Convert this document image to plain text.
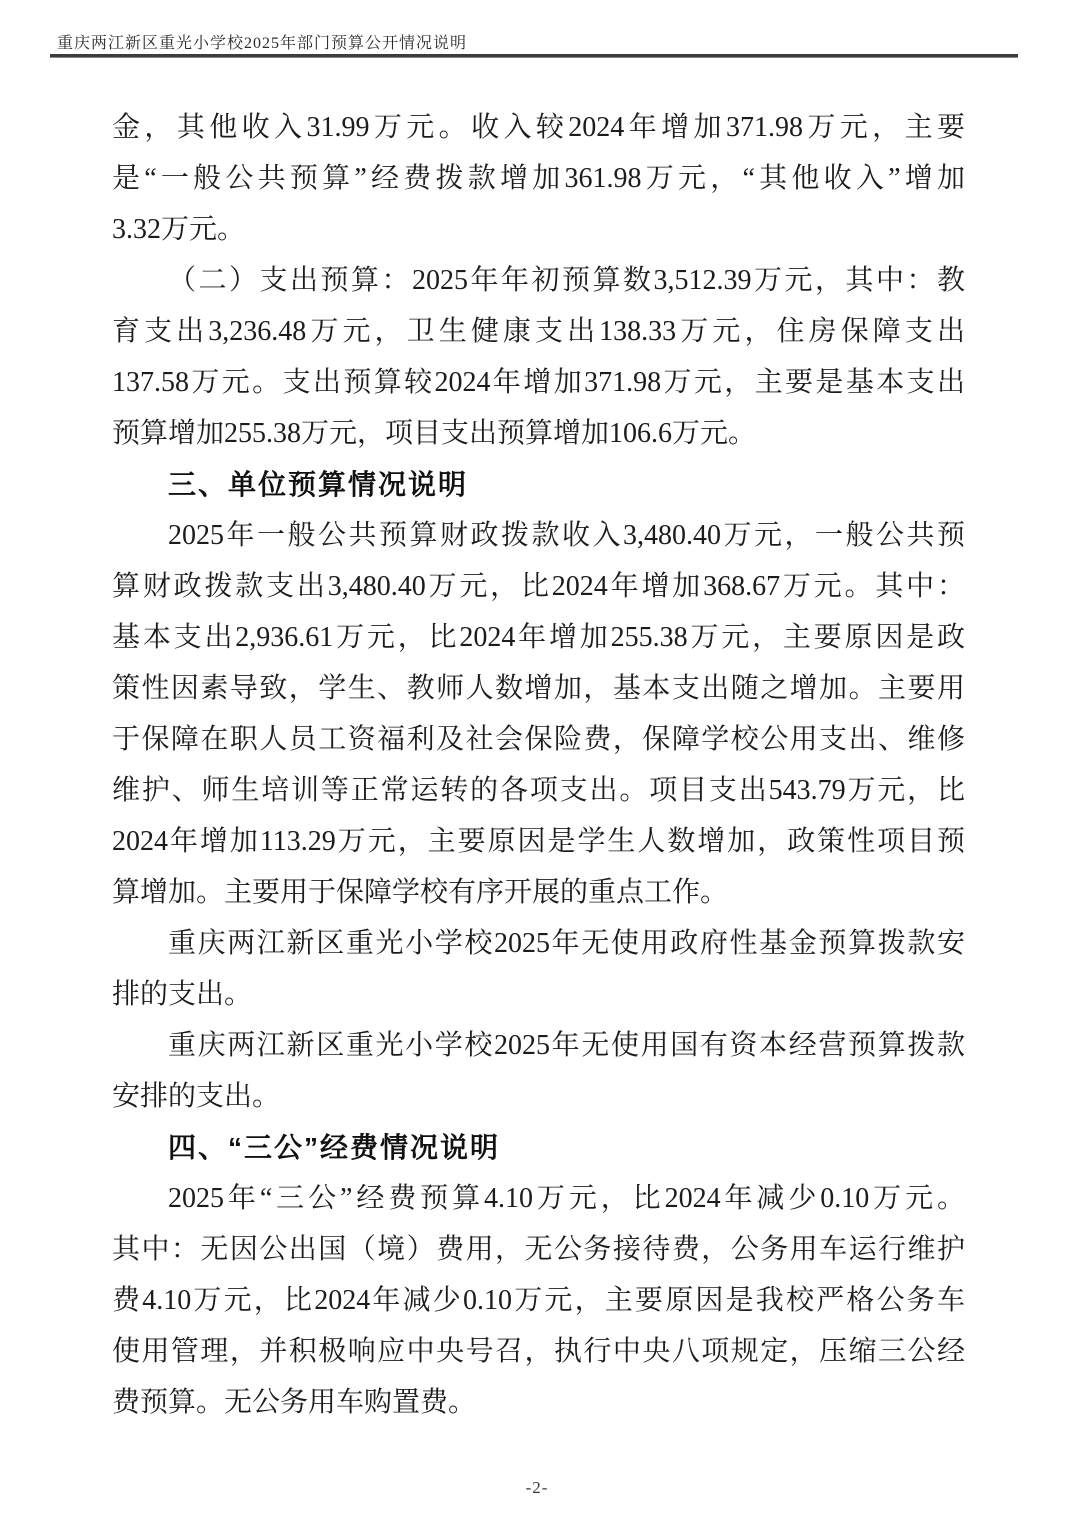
重庆两江新区重光小学校2025年部门预算公开情况说明
金，其他收入31.99万元。收入较2024年增加371.98万元，主要
是“一般公共预算”经费拨款增加361.98万元，“其他收入”增加
3.32万元。
（二）支出预算：2025年年初预算数3,512.39万元，其中：教
育支出3,236.48万元，卫生健康支出138.33万元，住房保障支出
137.58万元。支出预算较2024年增加371.98万元，主要是基本支出
预算增加255.38万元，项目支出预算增加106.6万元。
三、单位预算情况说明
2025年一般公共预算财政拨款收入3,480.40万元，一般公共预
算财政拨款支出3,480.40万元，比2024年增加368.67万元。其中：
基本支出2,936.61万元，比2024年增加255.38万元，主要原因是政
策性因素导致，学生、教师人数增加，基本支出随之增加。主要用
于保障在职人员工资福利及社会保险费，保障学校公用支出、维修
维护、师生培训等正常运转的各项支出。项目支出543.79万元，比
2024年增加113.29万元，主要原因是学生人数增加，政策性项目预
算增加。主要用于保障学校有序开展的重点工作。
重庆两江新区重光小学校2025年无使用政府性基金预算拨款安
排的支出。
重庆两江新区重光小学校2025年无使用国有资本经营预算拨款
安排的支出。
四、“三公”经费情况说明
2025年“三公”经费预算4.10万元，比2024年减少0.10万元。
其中：无因公出国（境）费用，无公务接待费，公务用车运行维护
费4.10万元，比2024年减少0.10万元，主要原因是我校严格公务车
使用管理，并积极响应中央号召，执行中央八项规定，压缩三公经
费预算。无公务用车购置费。
-2-
